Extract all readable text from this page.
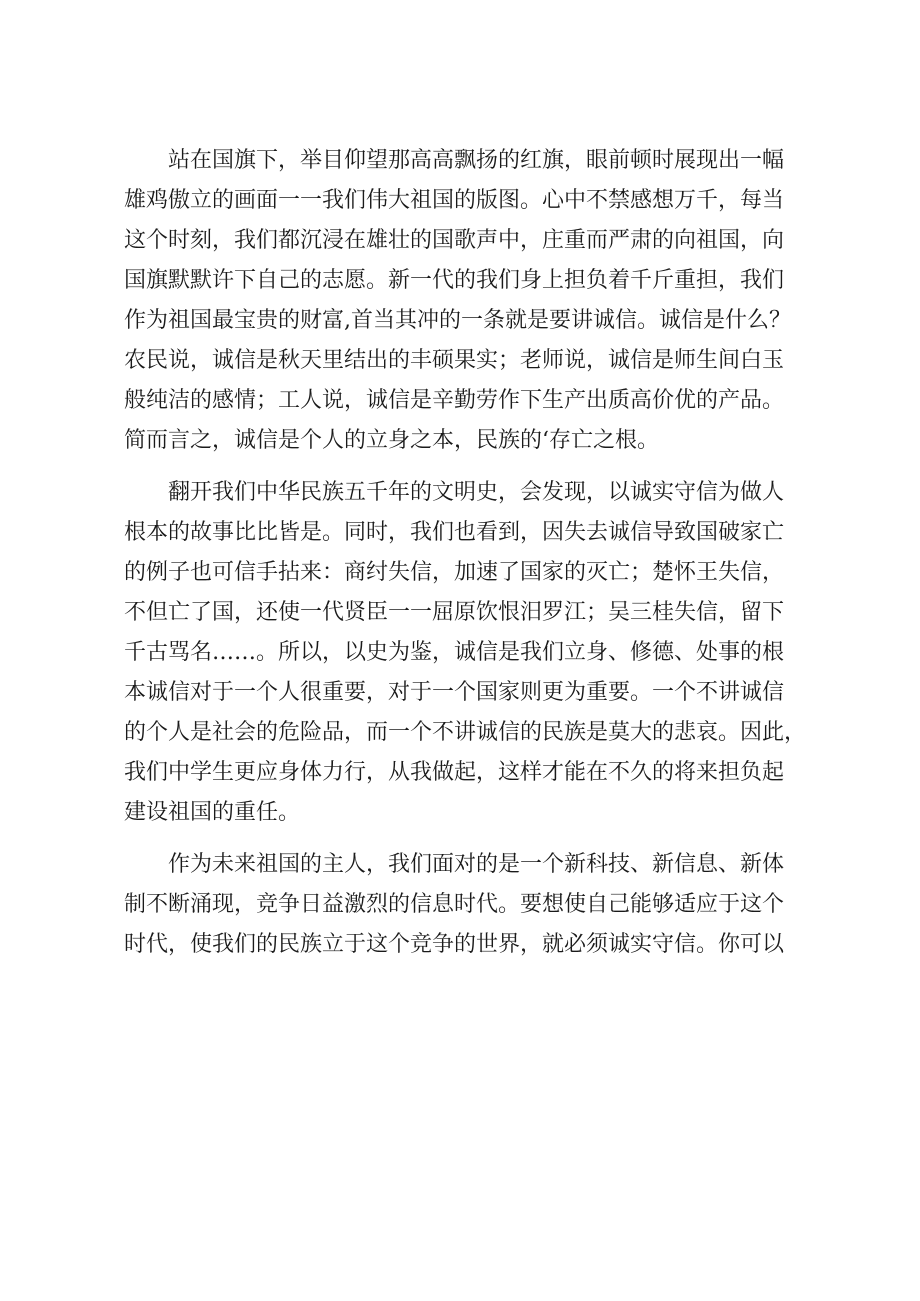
　　站在国旗下，举目仰望那高高飘扬的红旗，眼前顿时展现出一幅
雄鸡傲立的画面一一我们伟大祖国的版图。心中不禁感想万千，每当
这个时刻，我们都沉浸在雄壮的国歌声中，庄重而严肃的向祖国，向
国旗默默许下自己的志愿。新一代的我们身上担负着千斤重担，我们
作为祖国最宝贵的财富,首当其冲的一条就是要讲诚信。诚信是什么？
农民说，诚信是秋天里结出的丰硕果实；老师说，诚信是师生间白玉
般纯洁的感情；工人说，诚信是辛勤劳作下生产出质高价优的产品。
简而言之，诚信是个人的立身之本，民族的‘存亡之根。
　　翻开我们中华民族五千年的文明史，会发现，以诚实守信为做人
根本的故事比比皆是。同时，我们也看到，因失去诚信导致国破家亡
的例子也可信手拈来：商纣失信，加速了国家的灭亡；楚怀王失信，
不但亡了国，还使一代贤臣一一屈原饮恨汨罗江；吴三桂失信，留下
千古骂名……。所以，以史为鉴，诚信是我们立身、修德、处事的根
本诚信对于一个人很重要，对于一个国家则更为重要。一个不讲诚信
的个人是社会的危险品，而一个不讲诚信的民族是莫大的悲哀。因此，
我们中学生更应身体力行，从我做起，这样才能在不久的将来担负起
建设祖国的重任。
　　作为未来祖国的主人，我们面对的是一个新科技、新信息、新体
制不断涌现，竞争日益激烈的信息时代。要想使自己能够适应于这个
时代，使我们的民族立于这个竞争的世界，就必须诚实守信。你可以
